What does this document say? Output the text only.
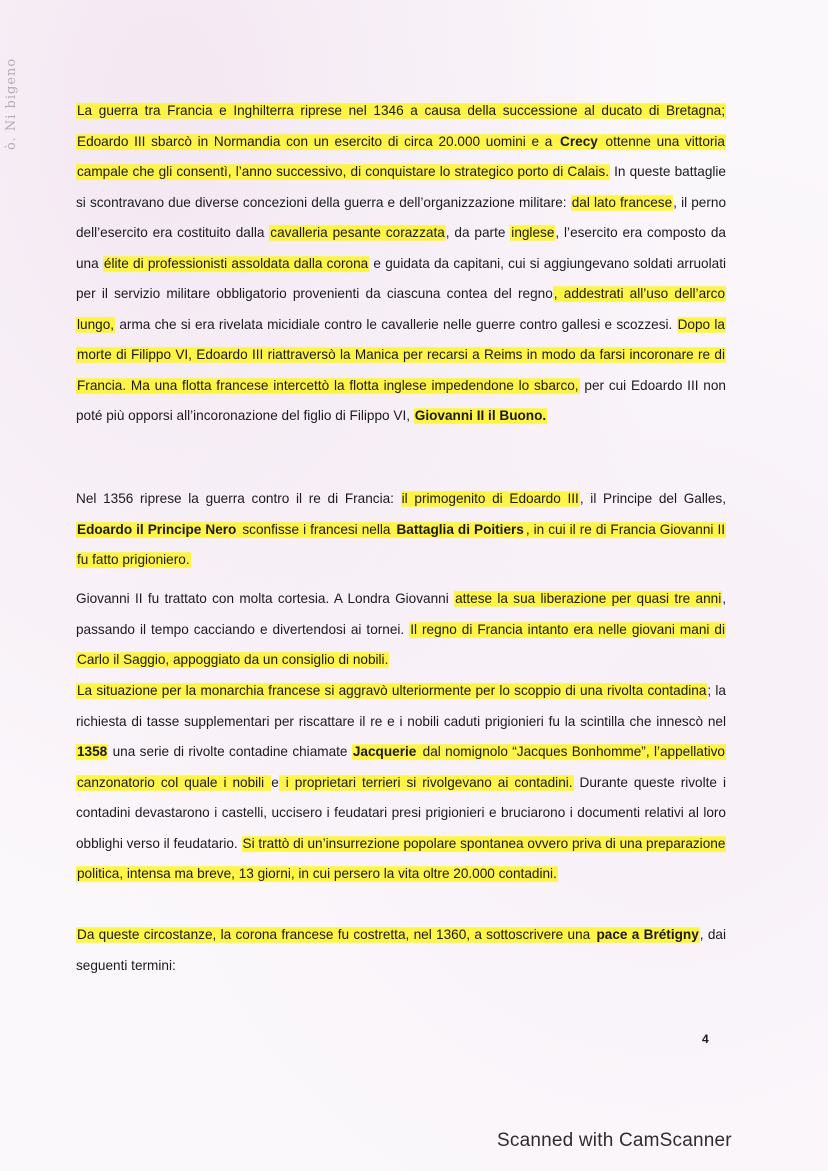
ò. Ni bigeno	La guerra tra Francia e Inghilterra riprese nel 1346 a causa della successione al ducato di Bretagna; Edoardo III sbarcò in Normandia con un esercito di circa 20.000 uomini e a Crecy ottenne una vittoria campale che gli consentì, l’anno successivo, di conquistare lo strategico porto di Calais. In queste battaglie si scontravano due diverse concezioni della guerra e dell’organizzazione militare: dal lato francese, il perno dell’esercito era costituito dalla cavalleria pesante corazzata, da parte inglese, l’esercito era composto da una élite di professionisti assoldata dalla corona e guidata da capitani, cui si aggiungevano soldati arruolati per il servizio militare obbligatorio provenienti da ciascuna contea del regno, addestrati all’uso dell’arco lungo, arma che si era rivelata micidiale contro le cavallerie nelle guerre contro gallesi e scozzesi. Dopo la morte di Filippo VI, Edoardo III riattraversò la Manica per recarsi a Reims in modo da farsi incoronare re di Francia. Ma una flotta francese intercettò la flotta inglese impedendone lo sbarco, per cui Edoardo III non poté più opporsi all’incoronazione del figlio di Filippo VI, Giovanni II il Buono.

Nel 1356 riprese la guerra contro il re di Francia: il primogenito di Edoardo III, il Principe del Galles, Edoardo il Principe Nero sconfisse i francesi nella Battaglia di Poitiers , in cui il re di Francia Giovanni II fu fatto prigioniero.

Giovanni II fu trattato con molta cortesia. A Londra Giovanni attese la sua liberazione per quasi tre anni, passando il tempo cacciando e divertendosi ai tornei. Il regno di Francia intanto era nelle giovani mani di Carlo il Saggio, appoggiato da un consiglio di nobili.

La situazione per la monarchia francese si aggravò ulteriormente per lo scoppio di una rivolta contadina; la richiesta di tasse supplementari per riscattare il re e i nobili caduti prigionieri fu la scintilla che innescò nel 1358 una serie di rivolte contadine chiamate Jacquerie dal nomignolo “Jacques Bonhomme”, l’appellativo canzonatorio col quale i nobili e i proprietari terrieri si rivolgevano ai contadini. Durante queste rivolte i contadini devastarono i castelli, uccisero i feudatari presi prigionieri e bruciarono i documenti relativi al loro obblighi verso il feudatario. Si trattò di un’insurrezione popolare spontanea ovvero priva di una preparazione politica, intensa ma breve, 13 giorni, in cui persero la vita oltre 20.000 contadini.

Da queste circostanze, la corona francese fu costretta, nel 1360, a sottoscrivere una pace a Brétigny, dai seguenti termini:

4
Scanned with CamScanner
